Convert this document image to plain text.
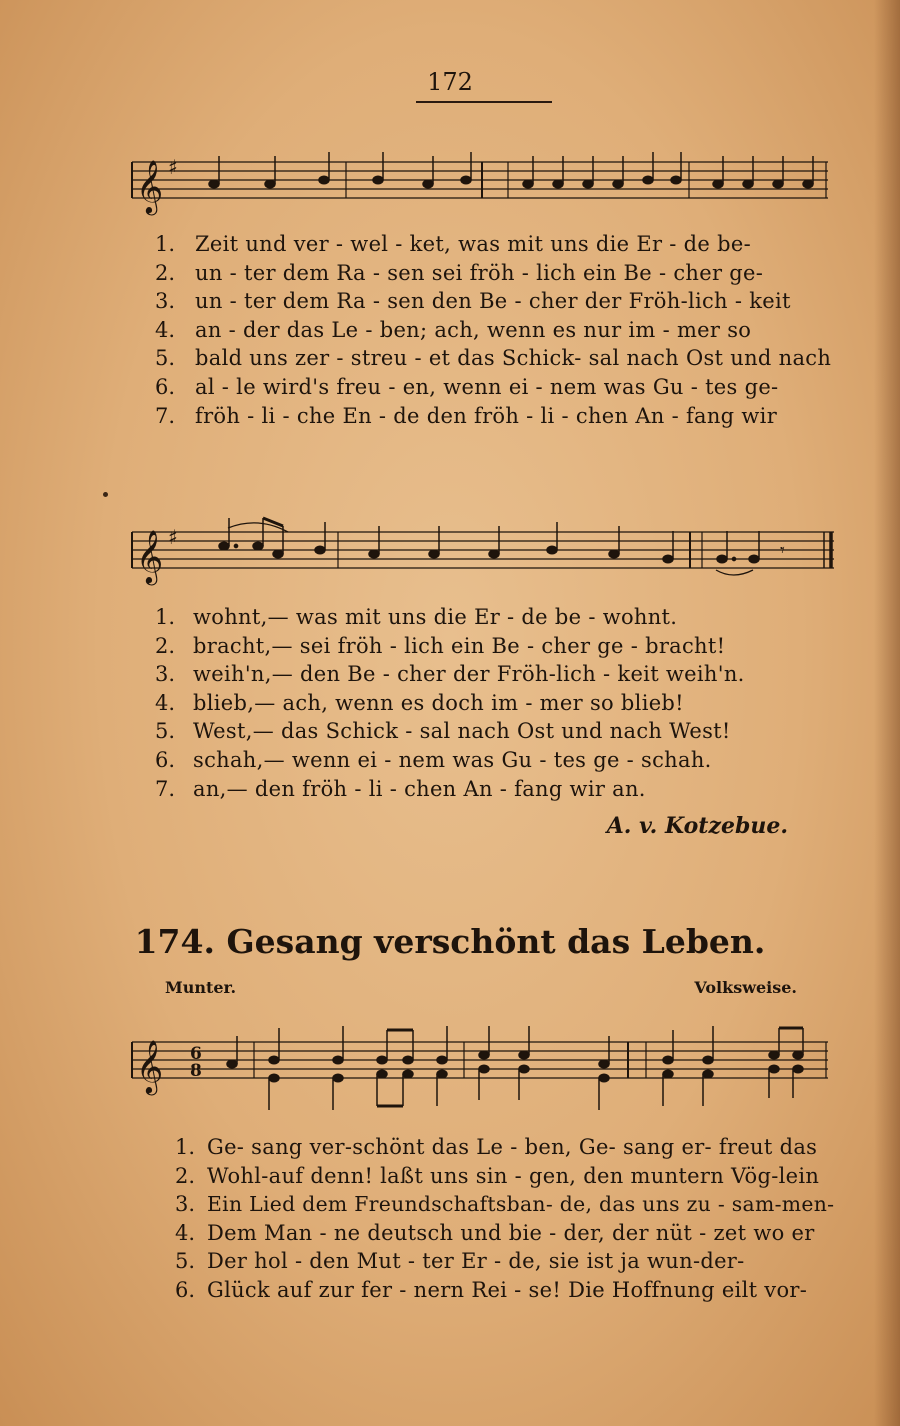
172
𝄞 ♯
1. Zeit und ver - wel - ket, was mit uns die Er - de be-
2. un - ter dem Ra - sen sei fröh - lich ein Be - cher ge-
3. un - ter dem Ra - sen den Be - cher der Fröh-lich - keit
4. an - der das Le - ben; ach, wenn es nur im - mer so
5. bald uns zer - streu - et das Schick- sal nach Ost und nach
6. al - le wird's freu - en, wenn ei - nem was Gu - tes ge-
7. fröh - li - che En - de den fröh - li - chen An - fang wir
𝄞 ♯
𝄾
1. wohnt,— was mit uns die Er - de be - wohnt.
2. bracht,— sei fröh - lich ein Be - cher ge - bracht!
3. weih'n,— den Be - cher der Fröh-lich - keit weih'n.
4. blieb,— ach, wenn es doch im - mer so blieb!
5. West,— das Schick - sal nach Ost und nach West!
6. schah,— wenn ei - nem was Gu - tes ge - schah.
7. an,— den fröh - li - chen An - fang wir an.
A. v. Kotzebue.
174. Gesang verschönt das Leben.
Munter.	Volksweise.
𝄞 6
8
1. Ge- sang ver-schönt das Le - ben, Ge- sang er- freut das
2. Wohl-auf denn! laßt uns sin - gen, den muntern Vög-lein
3. Ein Lied dem Freundschaftsban- de, das uns zu - sam-men-
4. Dem Man - ne deutsch und bie - der, der nüt - zet wo er
5. Der hol - den Mut - ter Er - de, sie ist ja wun-der-
6. Glück auf zur fer - nern Rei - se! Die Hoffnung eilt vor-
